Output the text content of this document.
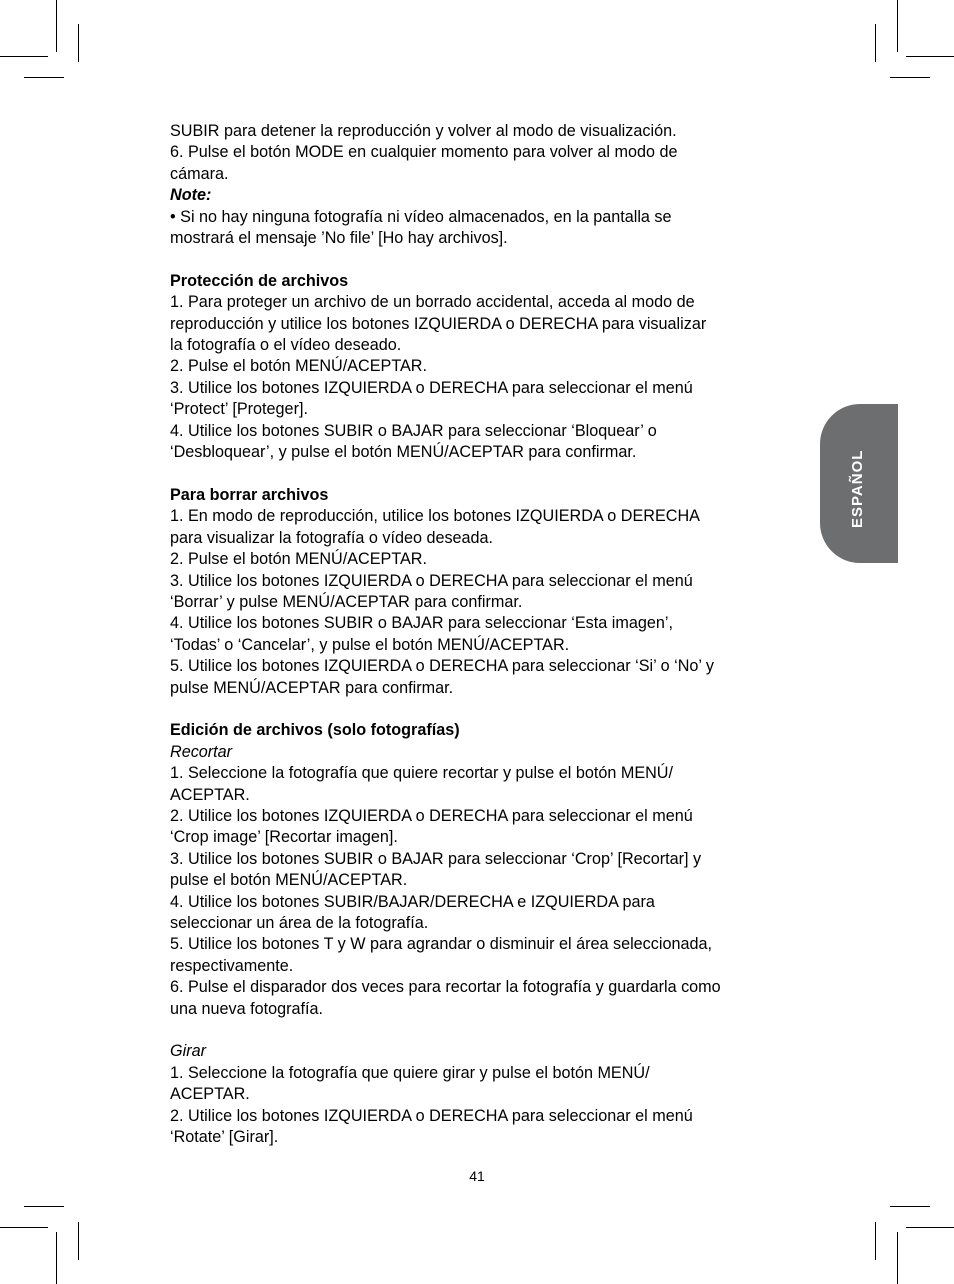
ESPAÑOL
SUBIR para detener la reproducción y volver al modo de visualización.
6. Pulse el botón MODE en cualquier momento para volver al modo de
cámara.
Note:
• Si no hay ninguna fotografía ni vídeo almacenados, en la pantalla se
mostrará el mensaje ’No file’ [Ho hay archivos].
Protección de archivos
1. Para proteger un archivo de un borrado accidental, acceda al modo de
reproducción y utilice los botones IZQUIERDA o DERECHA para visualizar
la fotografía o el vídeo deseado.
2. Pulse el botón MENÚ/ACEPTAR.
3. Utilice los botones IZQUIERDA o DERECHA para seleccionar el menú
‘Protect’ [Proteger].
4. Utilice los botones SUBIR o BAJAR para seleccionar ‘Bloquear’ o
‘Desbloquear’, y pulse el botón MENÚ/ACEPTAR para confirmar.
Para borrar archivos
1. En modo de reproducción, utilice los botones IZQUIERDA o DERECHA
para visualizar la fotografía o vídeo deseada.
2. Pulse el botón MENÚ/ACEPTAR.
3. Utilice los botones IZQUIERDA o DERECHA para seleccionar el menú
‘Borrar’ y pulse MENÚ/ACEPTAR para confirmar.
4. Utilice los botones SUBIR o BAJAR para seleccionar ‘Esta imagen’,
‘Todas’ o ‘Cancelar’, y pulse el botón MENÚ/ACEPTAR.
5. Utilice los botones IZQUIERDA o DERECHA para seleccionar ‘Si’ o ‘No’ y
pulse MENÚ/ACEPTAR para confirmar.
Edición de archivos (solo fotografías)
Recortar
1. Seleccione la fotografía que quiere recortar y pulse el botón MENÚ/
ACEPTAR.
2. Utilice los botones IZQUIERDA o DERECHA para seleccionar el menú
‘Crop image’ [Recortar imagen].
3. Utilice los botones SUBIR o BAJAR para seleccionar ‘Crop’ [Recortar] y
pulse el botón MENÚ/ACEPTAR.
4. Utilice los botones SUBIR/BAJAR/DERECHA e IZQUIERDA para
seleccionar un área de la fotografía.
5. Utilice los botones T y W para agrandar o disminuir el área seleccionada,
respectivamente.
6. Pulse el disparador dos veces para recortar la fotografía y guardarla como
una nueva fotografía.
Girar
1. Seleccione la fotografía que quiere girar y pulse el botón MENÚ/
ACEPTAR.
2. Utilice los botones IZQUIERDA o DERECHA para seleccionar el menú
‘Rotate’ [Girar].
41
